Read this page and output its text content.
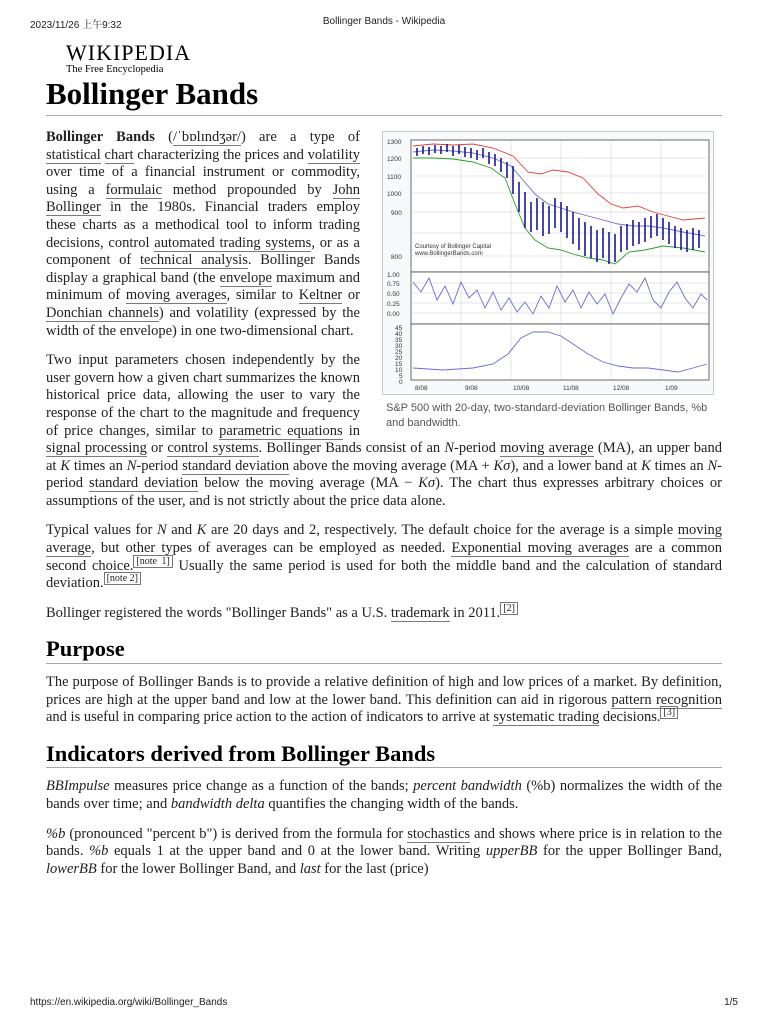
2023/11/26 上午9:32	Bollinger Bands - Wikipedia
WIKIPEDIA
The Free Encyclopedia
Bollinger Bands
1300
1200
1100
1000
900
800
1.00
0.75
0.50
0.25
0.00
45
40
35
30
25
20
15
10
5
0
8/08	9/08	10/08	11/08	12/08	1/09
Courtesy of Bollinger Capital
www.BollingerBands.com
S&P 500 with 20-day, two-standard-deviation Bollinger Bands, %b and bandwidth.

Bollinger Bands (/ˈbɒlɪndʒər/) are a type of statistical chart characterizing the prices and volatility over time of a financial instrument or commodity, using a formulaic method propounded by John Bollinger in the 1980s. Financial traders employ these charts as a methodical tool to inform trading decisions, control automated trading systems, or as a component of technical analysis. Bollinger Bands display a graphical band (the envelope maximum and minimum of moving averages, similar to Keltner or Donchian channels) and volatility (expressed by the width of the envelope) in one two-dimensional chart.

Two input parameters chosen independently by the user govern how a given chart summarizes the known historical price data, allowing the user to vary the response of the chart to the magnitude and frequency of price changes, similar to parametric equations in signal processing or control systems. Bollinger Bands consist of an N-period moving average (MA), an upper band at K times an N-period standard deviation above the moving average (MA + Kσ), and a lower band at K times an N-period standard deviation below the moving average (MA − Kσ). The chart thus expresses arbitrary choices or assumptions of the user, and is not strictly about the price data alone.

Typical values for N and K are 20 days and 2, respectively. The default choice for the average is a simple moving average, but other types of averages can be employed as needed. Exponential moving averages are a common second choice. [note 1] Usually the same period is used for both the middle band and the calculation of standard deviation. [note 2]

Bollinger registered the words "Bollinger Bands" as a U.S. trademark in 2011. [2]

Purpose

The purpose of Bollinger Bands is to provide a relative definition of high and low prices of a market. By definition, prices are high at the upper band and low at the lower band. This definition can aid in rigorous pattern recognition and is useful in comparing price action to the action of indicators to arrive at systematic trading decisions. [3]

Indicators derived from Bollinger Bands

BBImpulse measures price change as a function of the bands; percent bandwidth (%b) normalizes the width of the bands over time; and bandwidth delta quantifies the changing width of the bands.

%b (pronounced "percent b") is derived from the formula for stochastics and shows where price is in relation to the bands. %b equals 1 at the upper band and 0 at the lower band. Writing upperBB for the upper Bollinger Band, lowerBB for the lower Bollinger Band, and last for the last (price)

https://en.wikipedia.org/wiki/Bollinger_Bands	1/5
